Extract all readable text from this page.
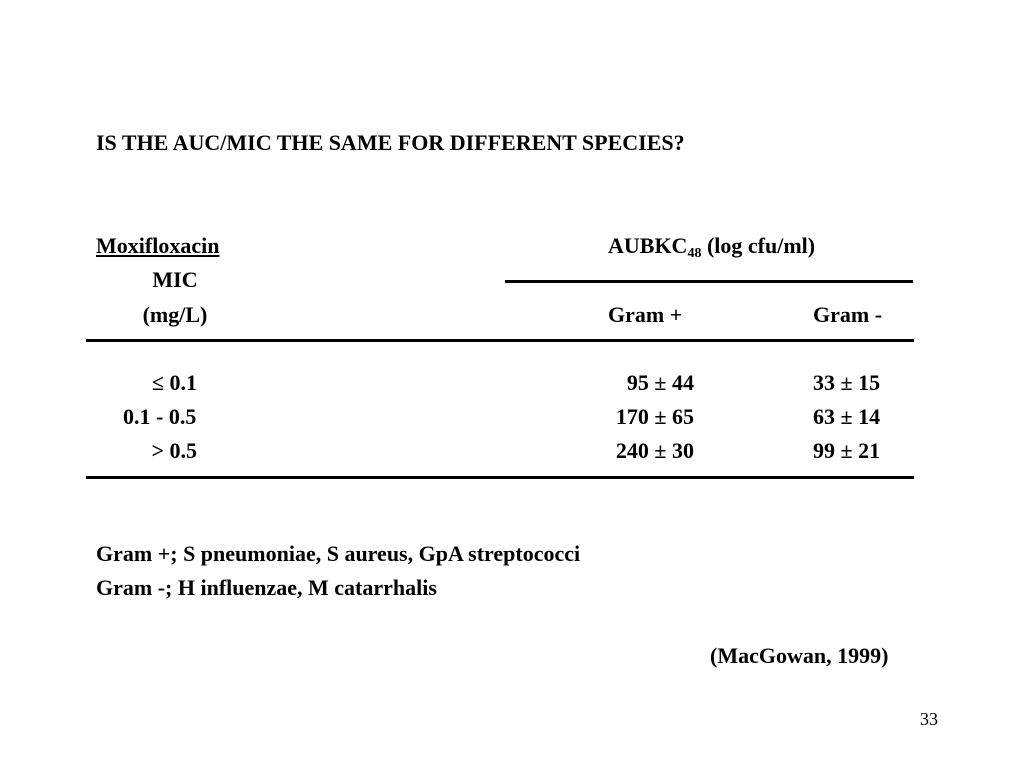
IS THE AUC/MIC THE SAME FOR DIFFERENT SPECIES?
Moxifloxacin
MIC
(mg/L)
$AUBKC_{48}$ (log cfu/ml)
Gram +	Gram -
≤ 0.1	95 ± 44	33 ± 15
0.1 - 0.5	170 ± 65	63 ± 14
> 0.5	240 ± 30	99 ± 21
Gram +; S pneumoniae, S aureus, GpA streptococci
Gram -; H influenzae, M catarrhalis
(MacGowan, 1999)
33
